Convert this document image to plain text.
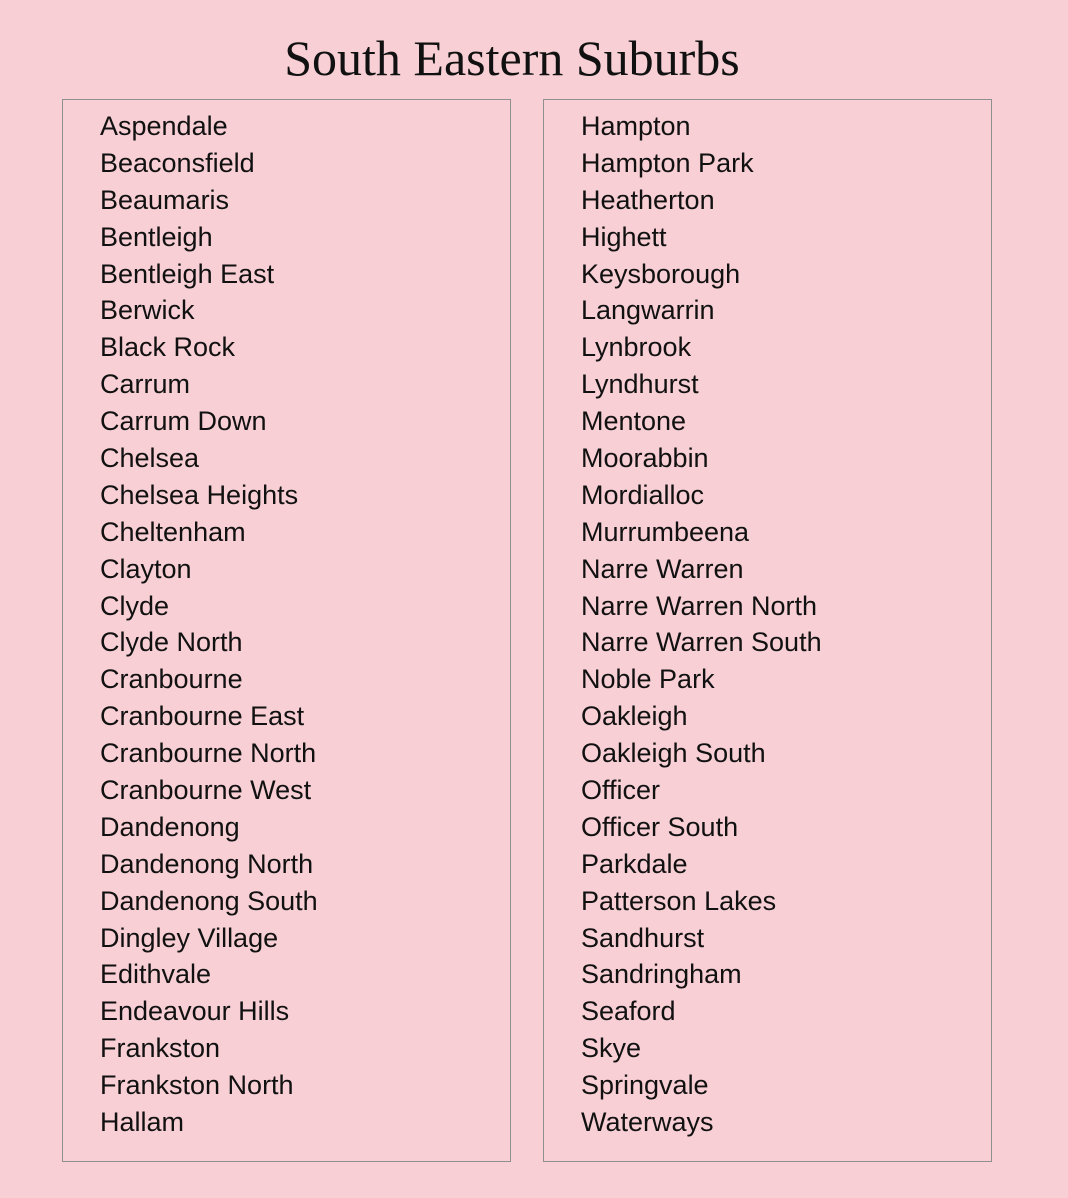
South Eastern Suburbs
Aspendale
Beaconsfield
Beaumaris
Bentleigh
Bentleigh East
Berwick
Black Rock
Carrum
Carrum Down
Chelsea
Chelsea Heights
Cheltenham
Clayton
Clyde
Clyde North
Cranbourne
Cranbourne East
Cranbourne North
Cranbourne West
Dandenong
Dandenong North
Dandenong South
Dingley Village
Edithvale
Endeavour Hills
Frankston
Frankston North
Hallam
Hampton
Hampton Park
Heatherton
Highett
Keysborough
Langwarrin
Lynbrook
Lyndhurst
Mentone
Moorabbin
Mordialloc
Murrumbeena
Narre Warren
Narre Warren North
Narre Warren South
Noble Park
Oakleigh
Oakleigh South
Officer
Officer South
Parkdale
Patterson Lakes
Sandhurst
Sandringham
Seaford
Skye
Springvale
Waterways
